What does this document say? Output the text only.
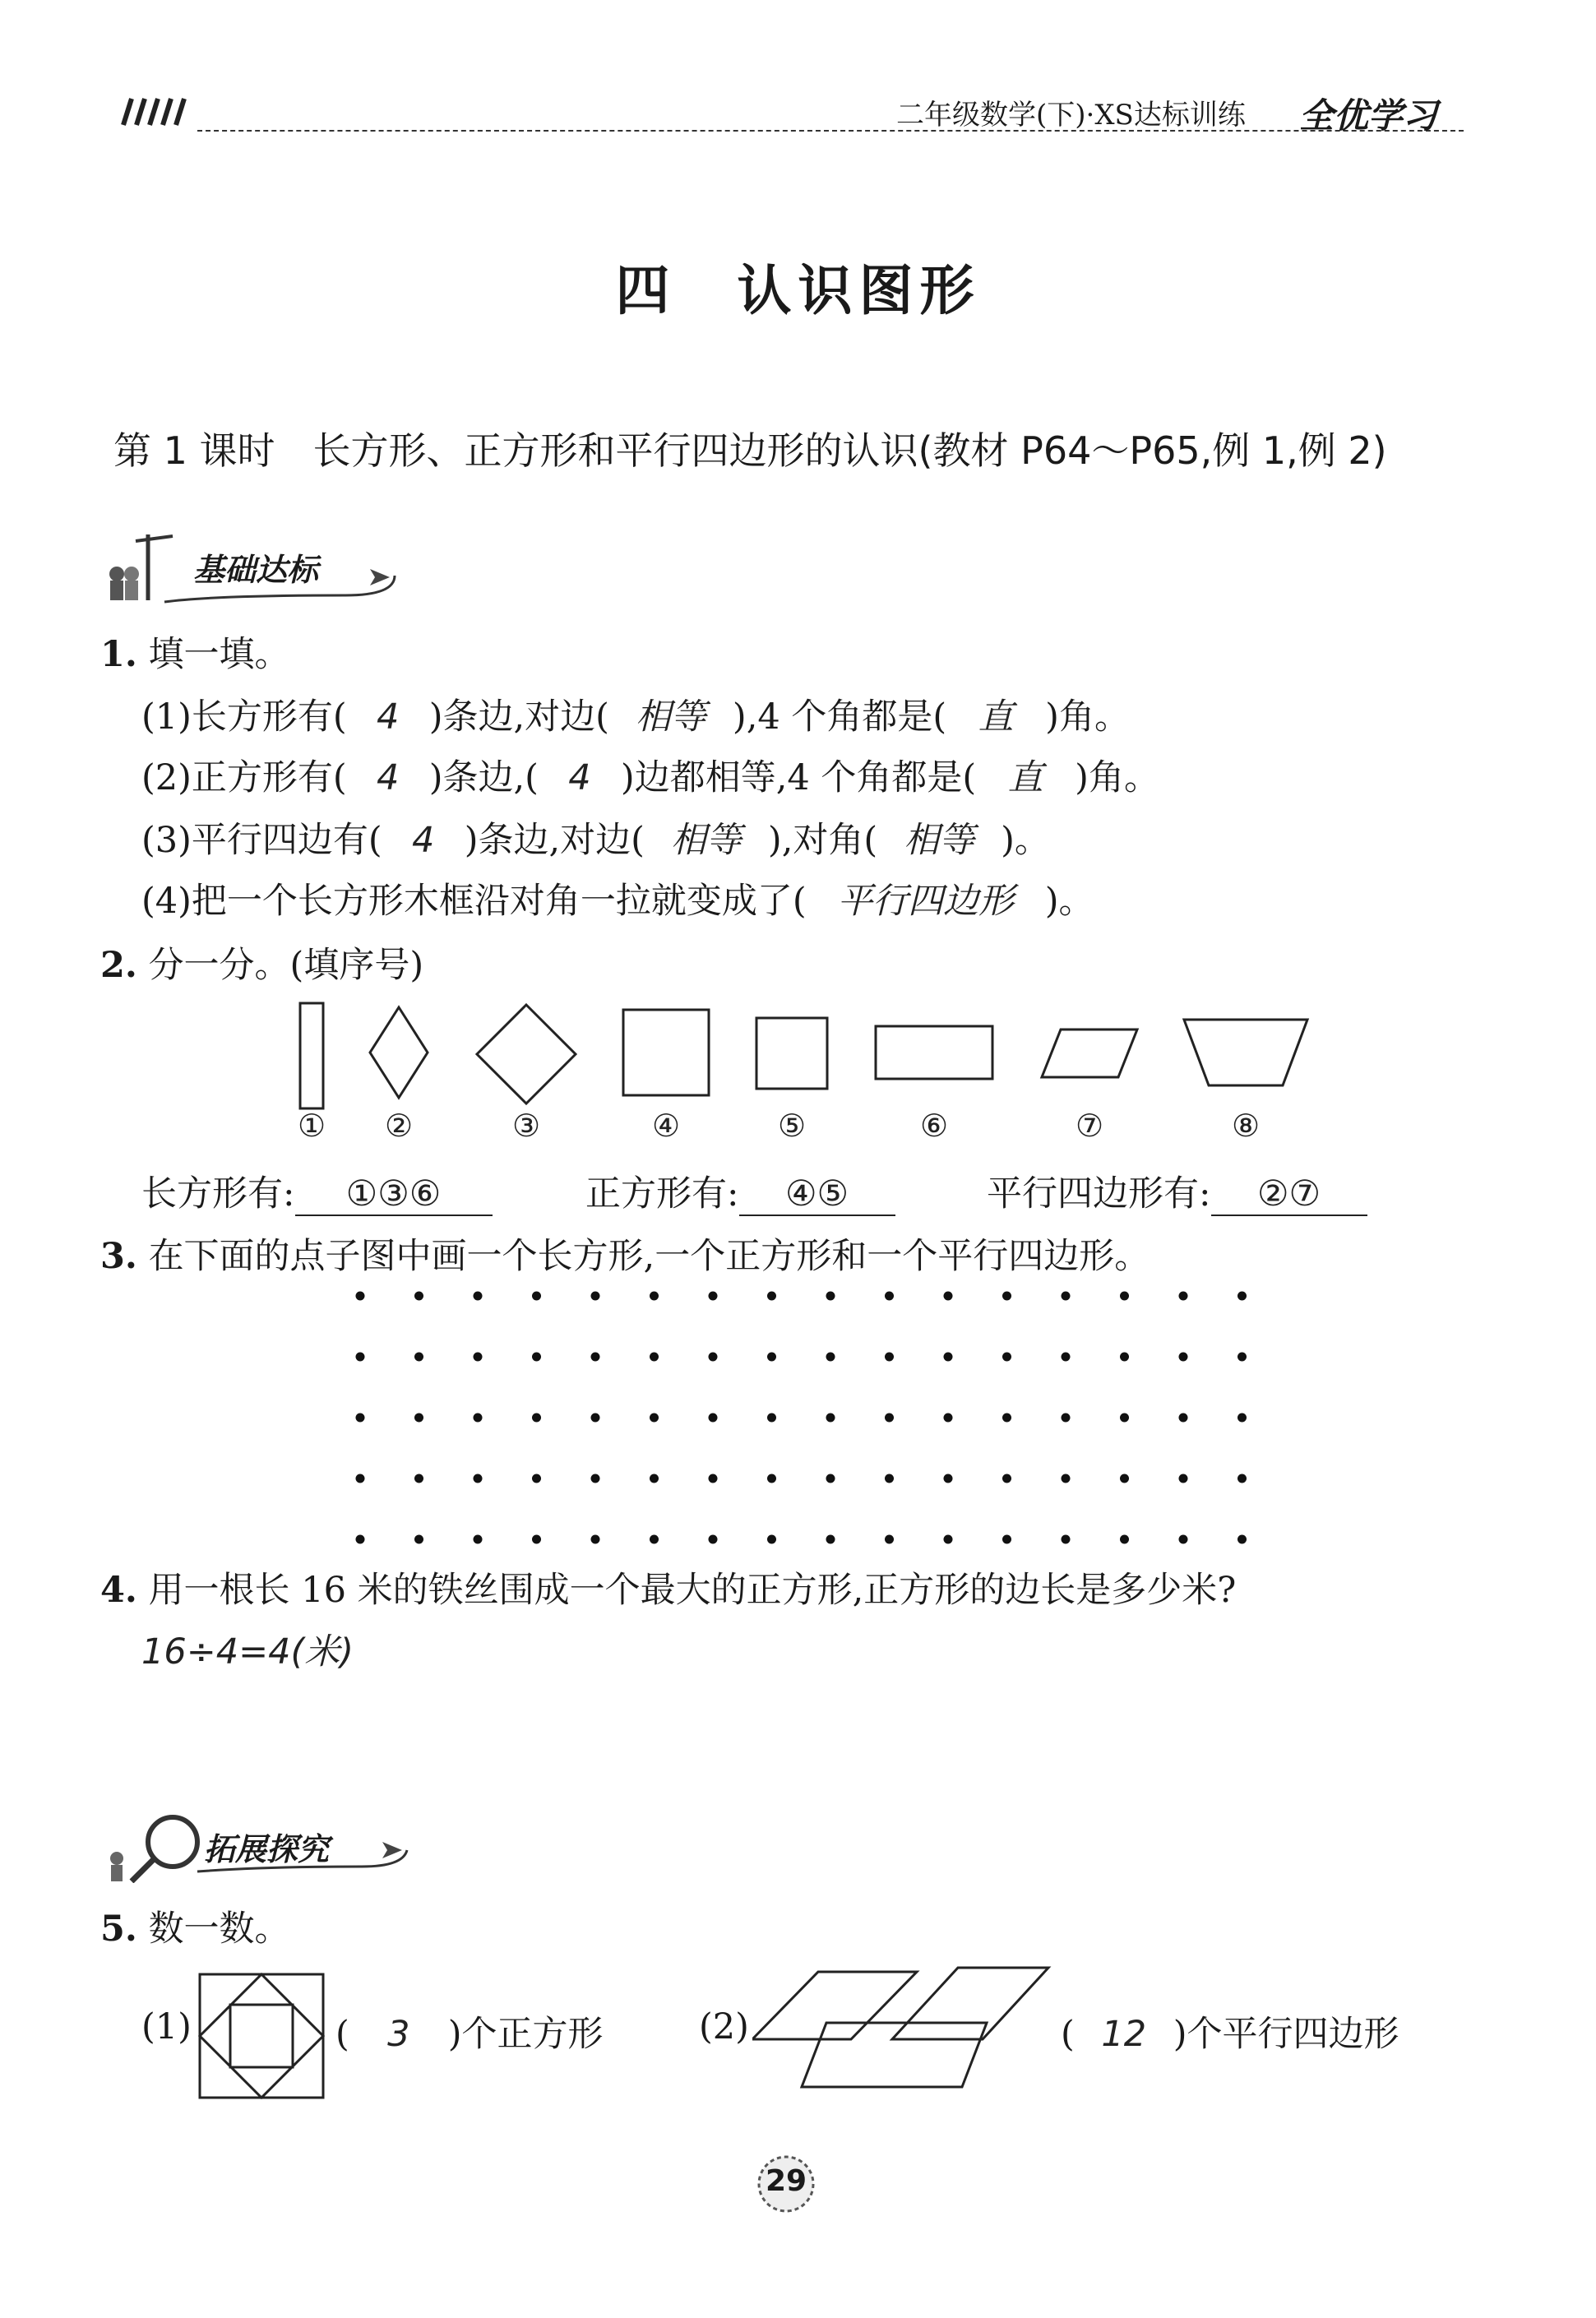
二年级数学(下)·XS达标训练 全优学习
四　认识图形
第 1 课时　长方形、正方形和平行四边形的认识(教材 P64～P65,例 1,例 2)
基础达标
1. 填一填。
(1)长方形有( 4 )条边,对边( 相等 ),4 个角都是( 直 )角。
(2)正方形有( 4 )条边,( 4 )边都相等,4 个角都是( 直 )角。
(3)平行四边有( 4 )条边,对边( 相等 ),对角( 相等 )。
(4)把一个长方形木框沿对角一拉就变成了( 平行四边形 )。
2. 分一分。(填序号)
① ②	③	④	⑤	⑥	⑦	⑧
长方形有: ①③⑥	正方形有: ④⑤	平行四边形有: ②⑦
3. 在下面的点子图中画一个长方形,一个正方形和一个平行四边形。
4. 用一根长 16 米的铁丝围成一个最大的正方形,正方形的边长是多少米?
16÷4=4(米)
拓展探究
5. 数一数。
(1)	( 3 )个正方形	(2)	( 12 )个平行四边形
29
